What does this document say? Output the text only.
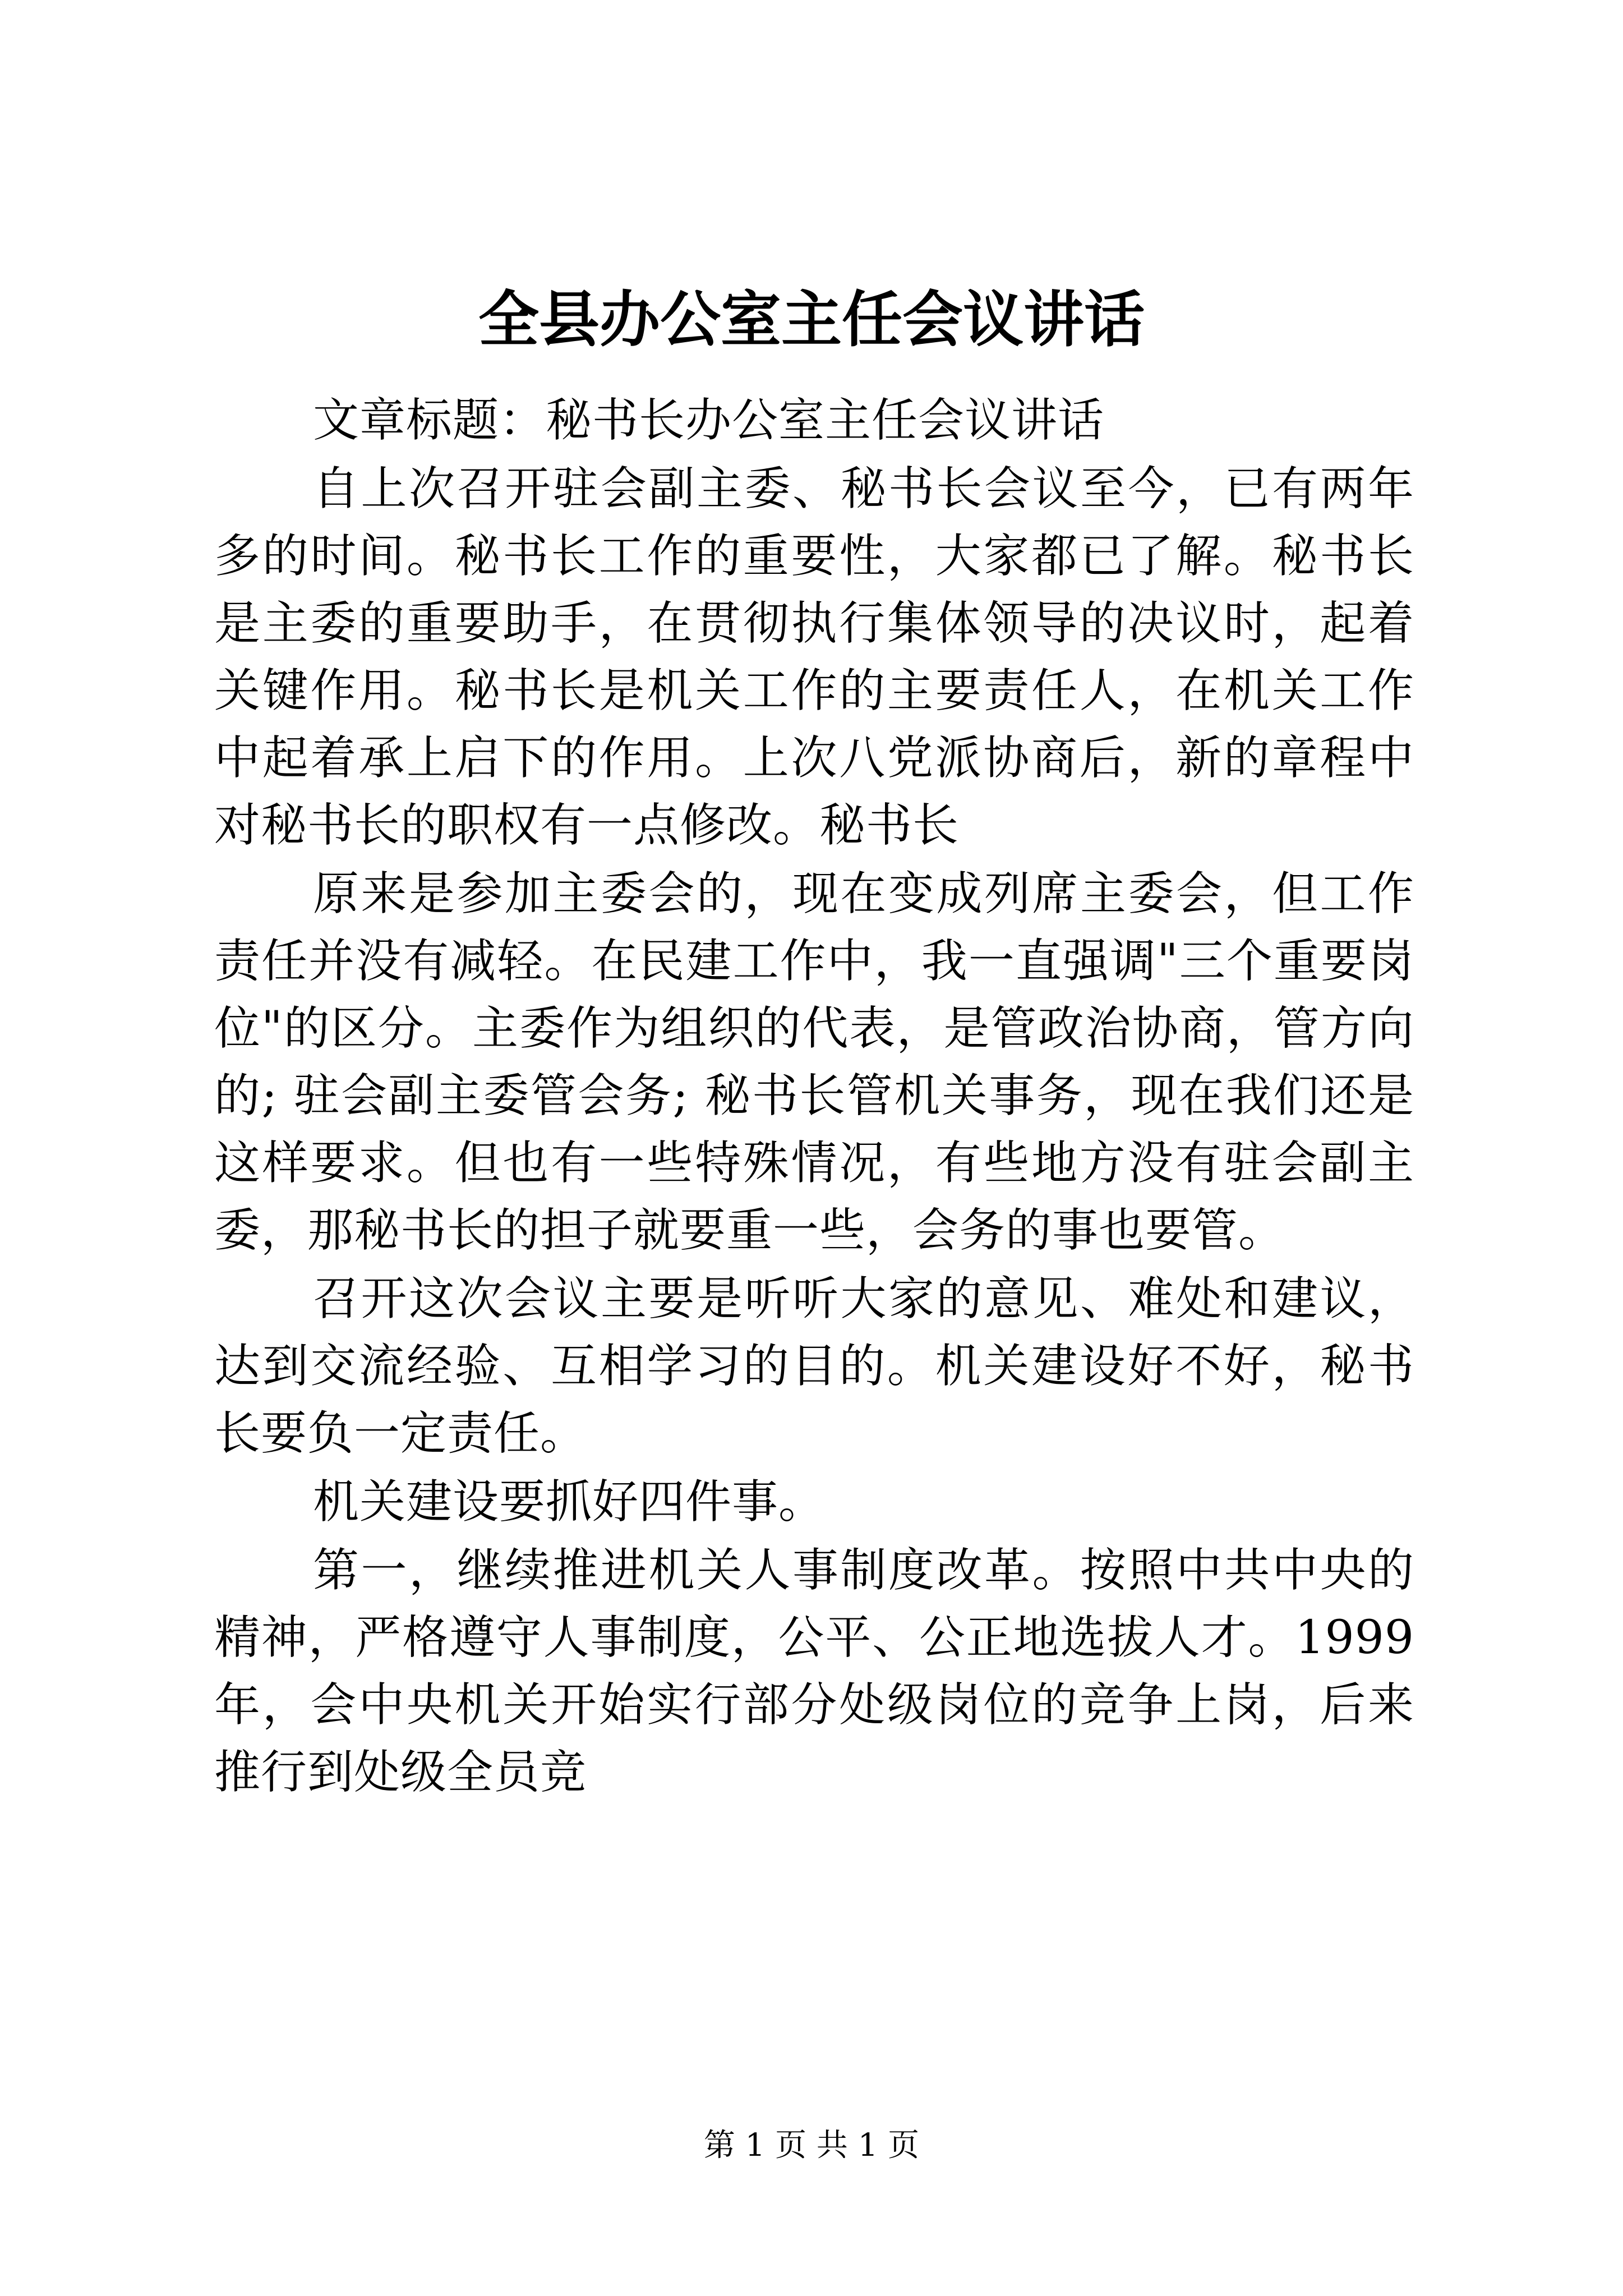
全县办公室主任会议讲话

文章标题：秘书长办公室主任会议讲话

自上次召开驻会副主委、秘书长会议至今，已有两年多的时间。秘书长工作的重要性，大家都已了解。秘书长是主委的重要助手，在贯彻执行集体领导的决议时，起着关键作用。秘书长是机关工作的主要责任人，在机关工作中起着承上启下的作用。上次八党派协商后，新的章程中对秘书长的职权有一点修改。秘书长

原来是参加主委会的，现在变成列席主委会，但工作责任并没有减轻。在民建工作中，我一直强调"三个重要岗位"的区分。主委作为组织的代表，是管政治协商，管方向的; 驻会副主委管会务; 秘书长管机关事务，现在我们还是这样要求。但也有一些特殊情况，有些地方没有驻会副主委，那秘书长的担子就要重一些，会务的事也要管。

召开这次会议主要是听听大家的意见、难处和建议，达到交流经验、互相学习的目的。机关建设好不好，秘书长要负一定责任。

机关建设要抓好四件事。

第一，继续推进机关人事制度改革。按照中共中央的精神，严格遵守人事制度，公平、公正地选拔人才。1999 年，会中央机关开始实行部分处级岗位的竞争上岗，后来推行到处级全员竞

第 1 页 共 1 页
